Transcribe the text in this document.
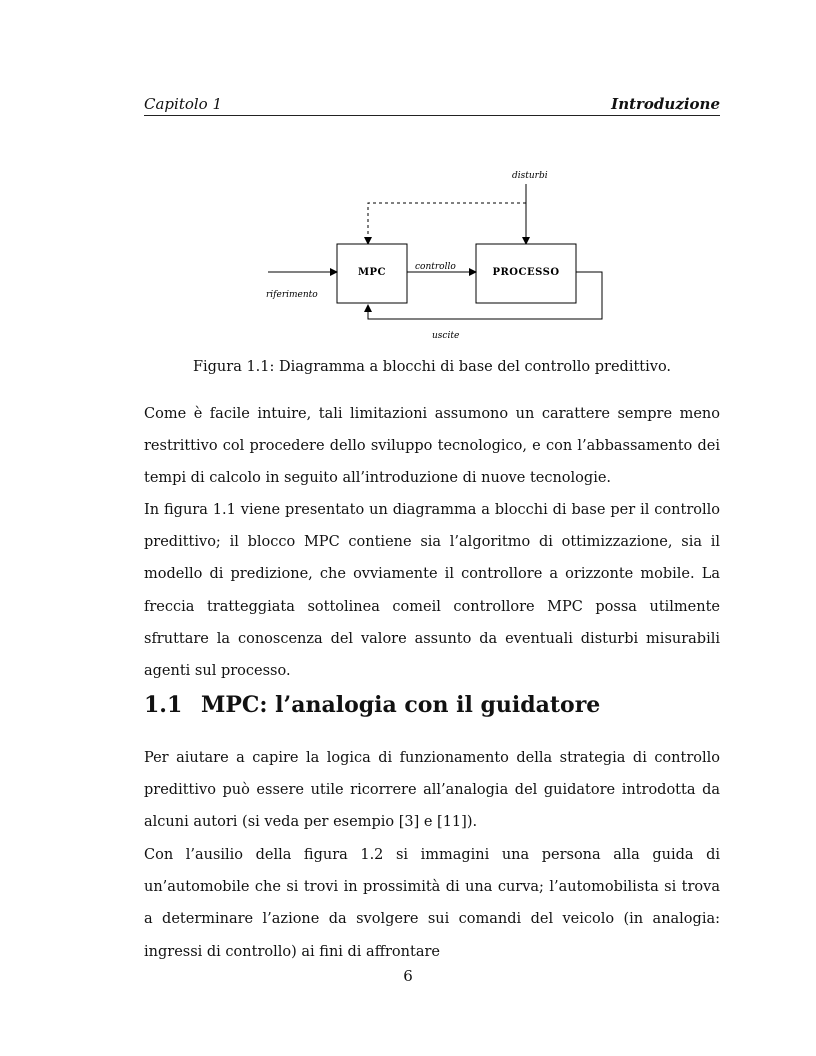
Capitolo 1	Introduzione
disturbi
MPC	PROCESSO
riferimento
controllo
uscite
Figura 1.1: Diagramma a blocchi di base del controllo predittivo.

Come è facile intuire, tali limitazioni assumono un carattere sempre meno restrittivo col procedere dello sviluppo tecnologico, e con l’abbassamento dei tempi di calcolo in seguito all’introduzione di nuove tecnologie.

In figura 1.1 viene presentato un diagramma a blocchi di base per il controllo predittivo; il blocco MPC contiene sia l’algoritmo di ottimizzazione, sia il modello di predizione, che ovviamente il controllore a orizzonte mobile. La freccia tratteggiata sottolinea comeil controllore MPC possa utilmente sfruttare la conoscenza del valore assunto da eventuali disturbi misurabili agenti sul processo.

1.1 MPC: l’analogia con il guidatore

Per aiutare a capire la logica di funzionamento della strategia di controllo predittivo può essere utile ricorrere all’analogia del guidatore introdotta da alcuni autori (si veda per esempio [3] e [11]).

Con l’ausilio della figura 1.2 si immagini una persona alla guida di un’automobile che si trovi in prossimità di una curva; l’automobilista si trova a determinare l’azione da svolgere sui comandi del veicolo (in analogia: ingressi di controllo) ai fini di affrontare

6
